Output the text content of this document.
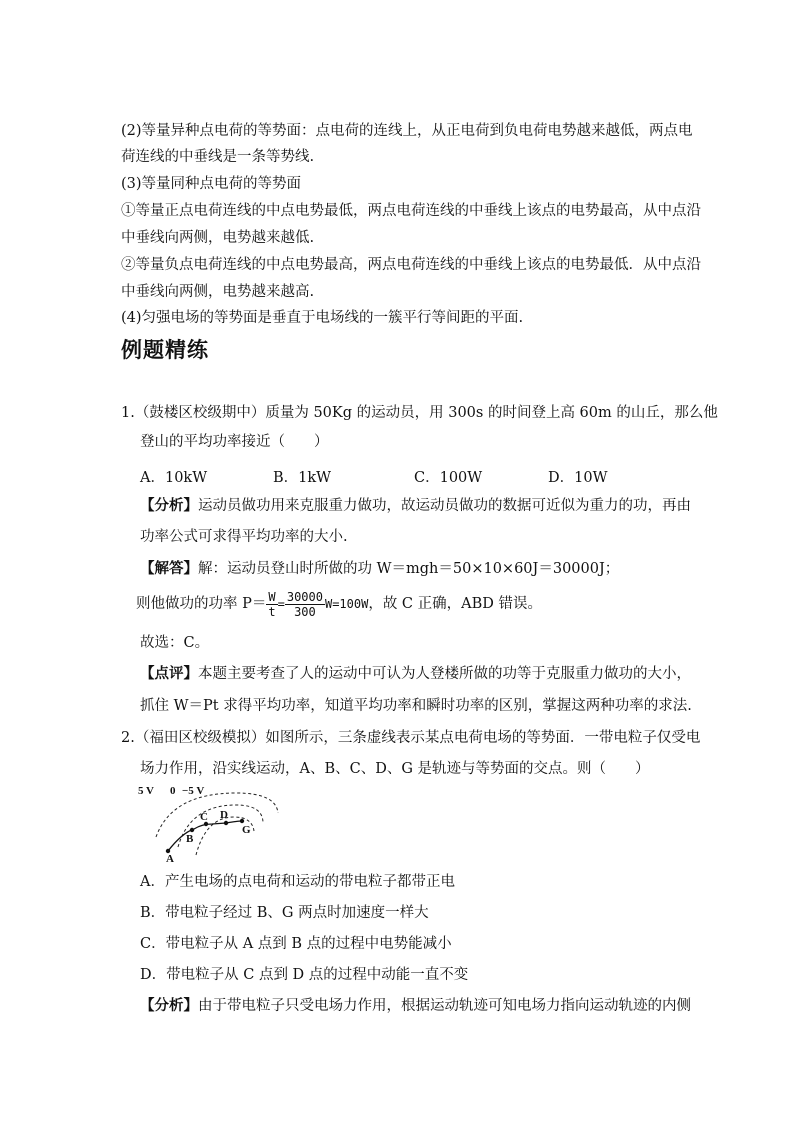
(2)等量异种点电荷的等势面：点电荷的连线上，从正电荷到负电荷电势越来越低，两点电
荷连线的中垂线是一条等势线.
(3)等量同种点电荷的等势面
①等量正点电荷连线的中点电势最低，两点电荷连线的中垂线上该点的电势最高，从中点沿
中垂线向两侧，电势越来越低.
②等量负点电荷连线的中点电势最高，两点电荷连线的中垂线上该点的电势最低．从中点沿
中垂线向两侧，电势越来越高.
(4)匀强电场的等势面是垂直于电场线的一簇平行等间距的平面.
例题精练
1.（鼓楼区校级期中）质量为 50Kg 的运动员，用 300s 的时间登上高 60m 的山丘，那么他
登山的平均功率接近（　　）
A．10kW	B．1kW	C．100W	D．10W
【分析】运动员做功用来克服重力做功，故运动员做功的数据可近似为重力的功，再由
功率公式可求得平均功率的大小.
【解答】解：运动员登山时所做的功 W＝mgh＝50×10×60J＝30000J；
则他做功的功率 $P= \frac{W}{t} = \frac{30000}{300} W=100W$，故 C 正确，ABD 错误。
故选：C。
【点评】本题主要考查了人的运动中可认为人登楼所做的功等于克服重力做功的大小，
抓住 W＝Pt 求得平均功率，知道平均功率和瞬时功率的区别，掌握这两种功率的求法.
2.（福田区校级模拟）如图所示，三条虚线表示某点电荷电场的等势面．一带电粒子仅受电
场力作用，沿实线运动，A、B、C、D、G 是轨迹与等势面的交点。则（　　）
5 V 0 −5 V
A
B
C D
G
A．产生电场的点电荷和运动的带电粒子都带正电
B．带电粒子经过 B、G 两点时加速度一样大
C．带电粒子从 A 点到 B 点的过程中电势能减小
D．带电粒子从 C 点到 D 点的过程中动能一直不变
【分析】由于带电粒子只受电场力作用，根据运动轨迹可知电场力指向运动轨迹的内侧
